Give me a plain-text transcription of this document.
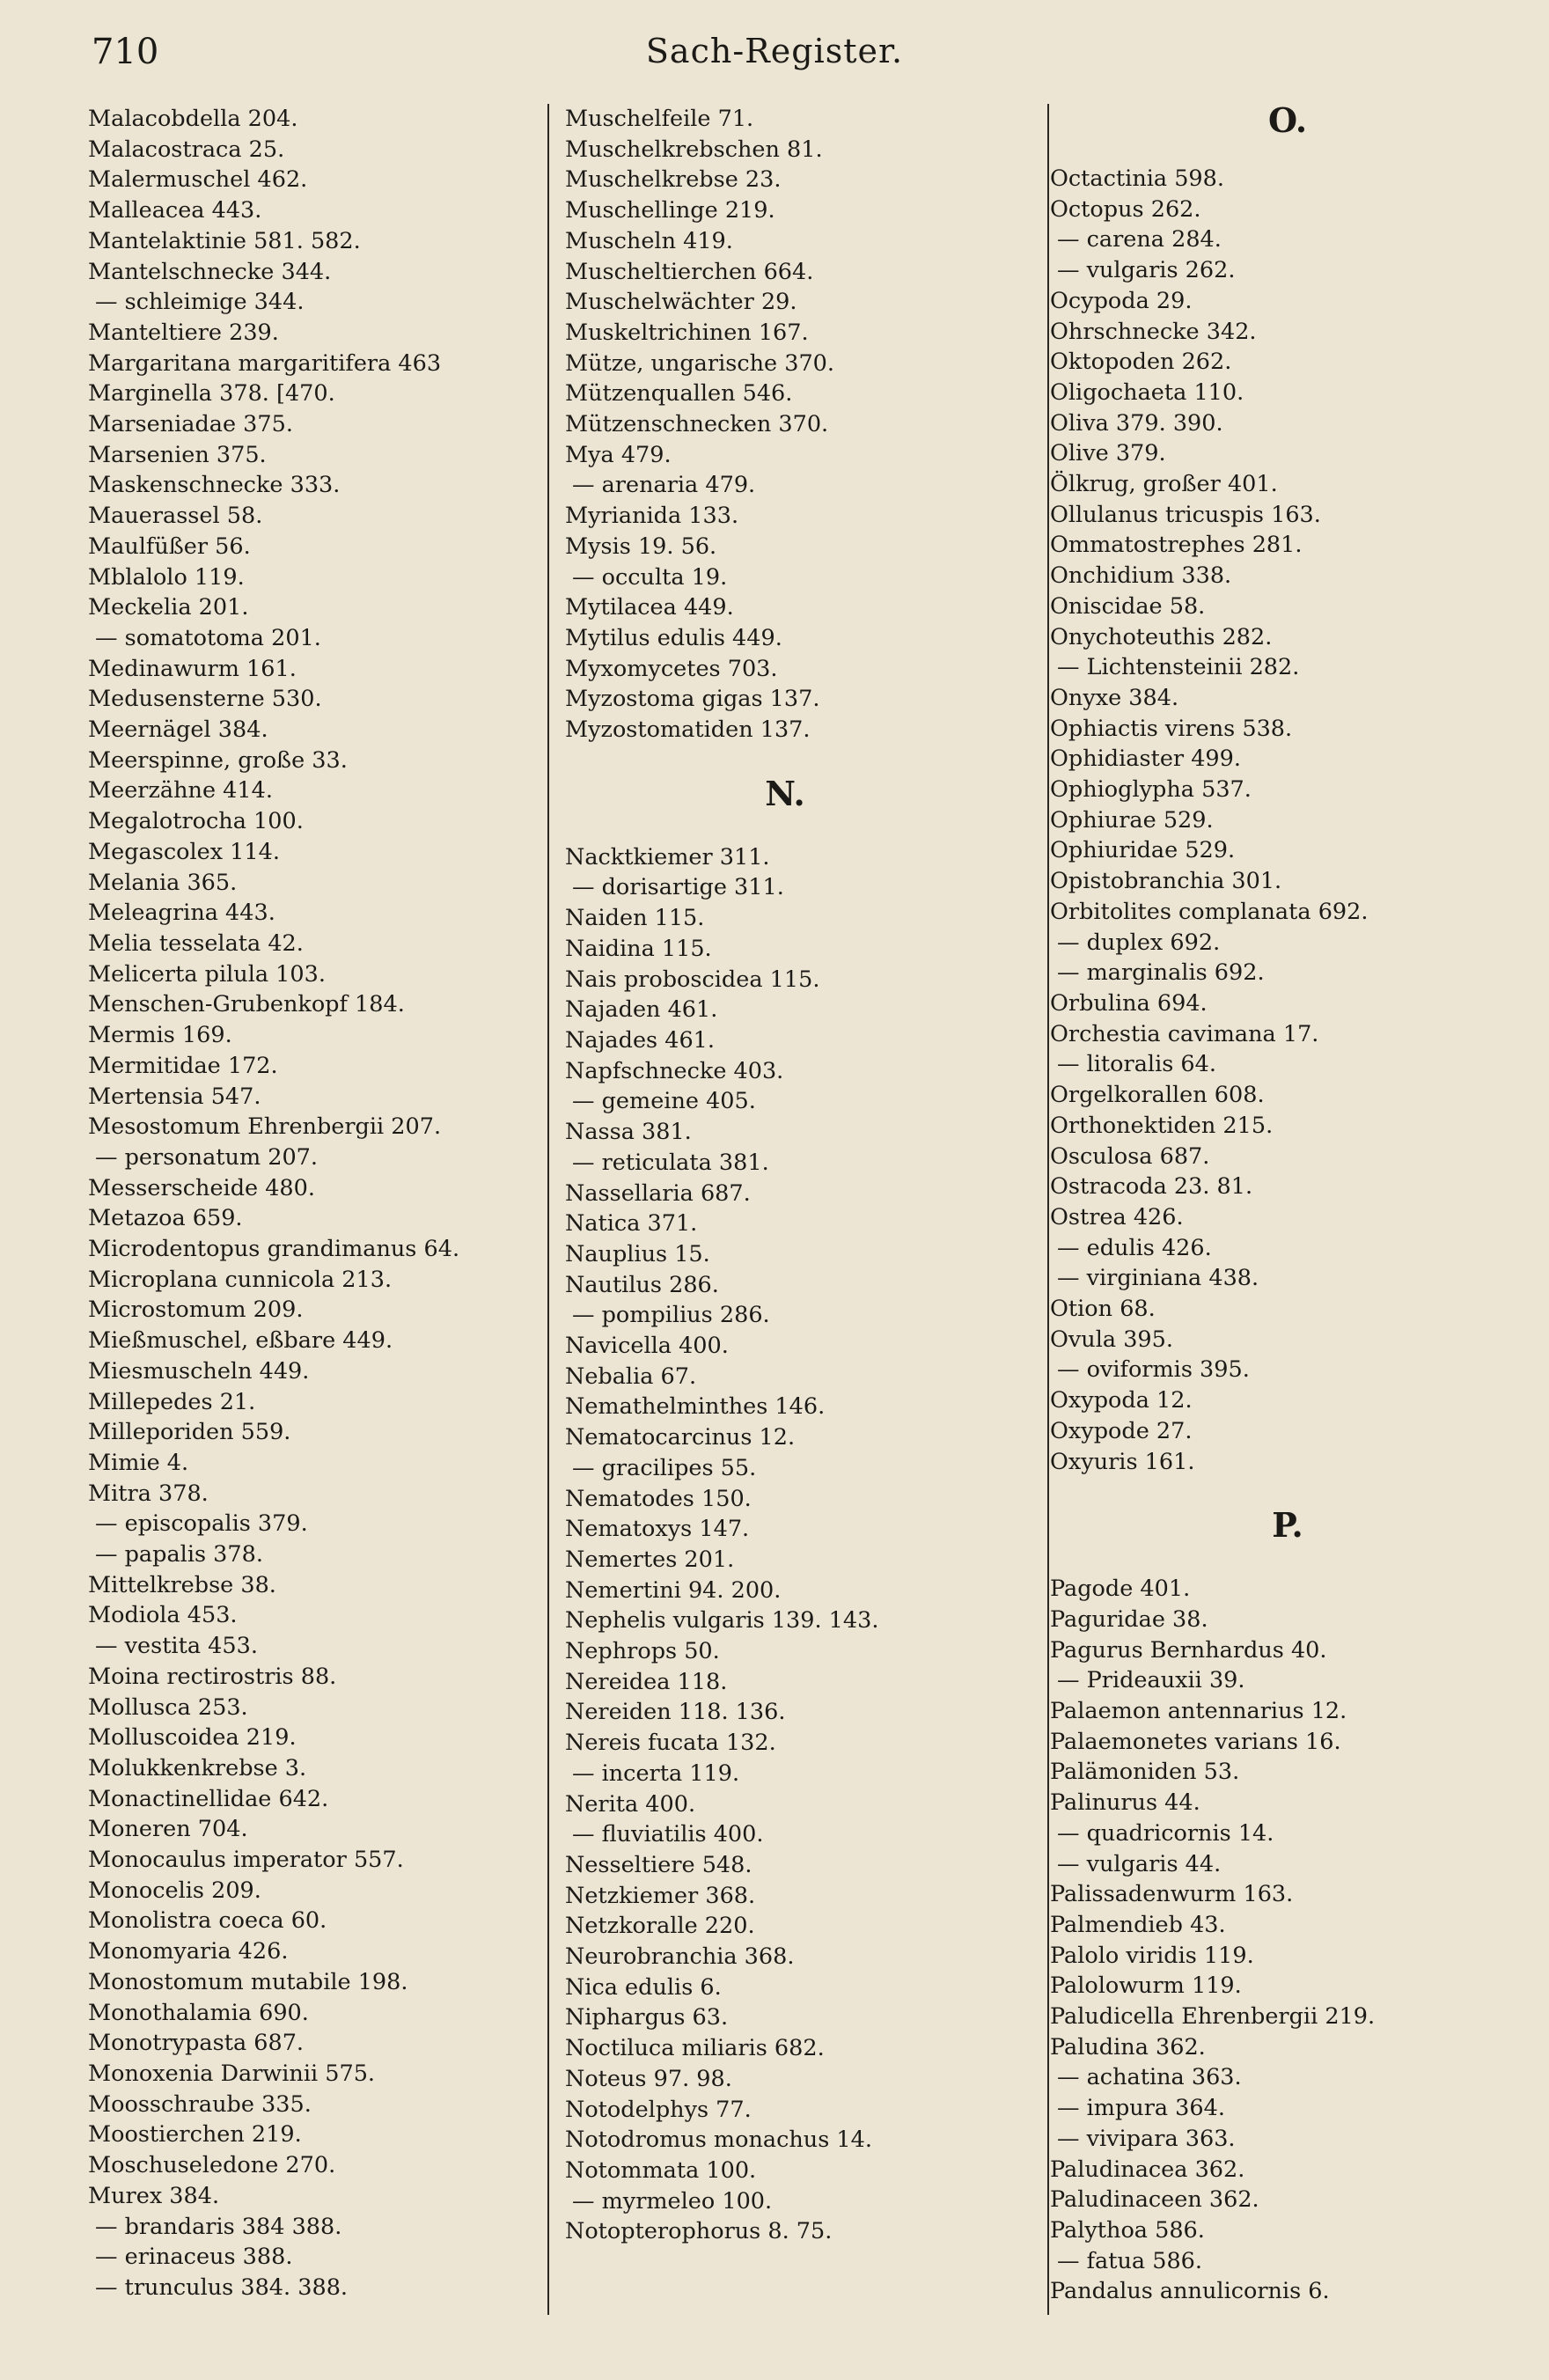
710	Sach-Register.
Malacobdella 204.
Malacostraca 25.
Malermuschel 462.
Malleacea 443.
Mantelaktinie 581. 582.
Mantelschnecke 344.
— schleimige 344.
Manteltiere 239.
Margaritana margaritifera 463
Marginella 378. [470.
Marseniadae 375.
Marsenien 375.
Maskenschnecke 333.
Mauerassel 58.
Maulfüßer 56.
Mblalolo 119.
Meckelia 201.
— somatotoma 201.
Medinawurm 161.
Medusensterne 530.
Meernägel 384.
Meerspinne, große 33.
Meerzähne 414.
Megalotrocha 100.
Megascolex 114.
Melania 365.
Meleagrina 443.
Melia tesselata 42.
Melicerta pilula 103.
Menschen-Grubenkopf 184.
Mermis 169.
Mermitidae 172.
Mertensia 547.
Mesostomum Ehrenbergii 207.
— personatum 207.
Messerscheide 480.
Metazoa 659.
Microdentopus grandimanus 64.
Microplana cunnicola 213.
Microstomum 209.
Mießmuschel, eßbare 449.
Miesmuscheln 449.
Millepedes 21.
Milleporiden 559.
Mimie 4.
Mitra 378.
— episcopalis 379.
— papalis 378.
Mittelkrebse 38.
Modiola 453.
— vestita 453.
Moina rectirostris 88.
Mollusca 253.
Molluscoidea 219.
Molukkenkrebse 3.
Monactinellidae 642.
Moneren 704.
Monocaulus imperator 557.
Monocelis 209.
Monolistra coeca 60.
Monomyaria 426.
Monostomum mutabile 198.
Monothalamia 690.
Monotrypasta 687.
Monoxenia Darwinii 575.
Moosschraube 335.
Moostierchen 219.
Moschuseledone 270.
Murex 384.
— brandaris 384 388.
— erinaceus 388.
— trunculus 384. 388.
Muschelfeile 71.
Muschelkrebschen 81.
Muschelkrebse 23.
Muschellinge 219.
Muscheln 419.
Muscheltierchen 664.
Muschelwächter 29.
Muskeltrichinen 167.
Mütze, ungarische 370.
Mützenquallen 546.
Mützenschnecken 370.
Mya 479.
— arenaria 479.
Myrianida 133.
Mysis 19. 56.
— occulta 19.
Mytilacea 449.
Mytilus edulis 449.
Myxomycetes 703.
Myzostoma gigas 137.
Myzostomatiden 137.
N.
Nacktkiemer 311.
— dorisartige 311.
Naiden 115.
Naidina 115.
Nais proboscidea 115.
Najaden 461.
Najades 461.
Napfschnecke 403.
— gemeine 405.
Nassa 381.
— reticulata 381.
Nassellaria 687.
Natica 371.
Nauplius 15.
Nautilus 286.
— pompilius 286.
Navicella 400.
Nebalia 67.
Nemathelminthes 146.
Nematocarcinus 12.
— gracilipes 55.
Nematodes 150.
Nematoxys 147.
Nemertes 201.
Nemertini 94. 200.
Nephelis vulgaris 139. 143.
Nephrops 50.
Nereidea 118.
Nereiden 118. 136.
Nereis fucata 132.
— incerta 119.
Nerita 400.
— fluviatilis 400.
Nesseltiere 548.
Netzkiemer 368.
Netzkoralle 220.
Neurobranchia 368.
Nica edulis 6.
Niphargus 63.
Noctiluca miliaris 682.
Noteus 97. 98.
Notodelphys 77.
Notodromus monachus 14.
Notommata 100.
— myrmeleo 100.
Notopterophorus 8. 75.
O.
Octactinia 598.
Octopus 262.
— carena 284.
— vulgaris 262.
Ocypoda 29.
Ohrschnecke 342.
Oktopoden 262.
Oligochaeta 110.
Oliva 379. 390.
Olive 379.
Ölkrug, großer 401.
Ollulanus tricuspis 163.
Ommatostrephes 281.
Onchidium 338.
Oniscidae 58.
Onychoteuthis 282.
— Lichtensteinii 282.
Onyxe 384.
Ophiactis virens 538.
Ophidiaster 499.
Ophioglypha 537.
Ophiurae 529.
Ophiuridae 529.
Opistobranchia 301.
Orbitolites complanata 692.
— duplex 692.
— marginalis 692.
Orbulina 694.
Orchestia cavimana 17.
— litoralis 64.
Orgelkorallen 608.
Orthonektiden 215.
Osculosa 687.
Ostracoda 23. 81.
Ostrea 426.
— edulis 426.
— virginiana 438.
Otion 68.
Ovula 395.
— oviformis 395.
Oxypoda 12.
Oxypode 27.
Oxyuris 161.
P.
Pagode 401.
Paguridae 38.
Pagurus Bernhardus 40.
— Prideauxii 39.
Palaemon antennarius 12.
Palaemonetes varians 16.
Palämoniden 53.
Palinurus 44.
— quadricornis 14.
— vulgaris 44.
Palissadenwurm 163.
Palmendieb 43.
Palolo viridis 119.
Palolowurm 119.
Paludicella Ehrenbergii 219.
Paludina 362.
— achatina 363.
— impura 364.
— vivipara 363.
Paludinacea 362.
Paludinaceen 362.
Palythoa 586.
— fatua 586.
Pandalus annulicornis 6.
